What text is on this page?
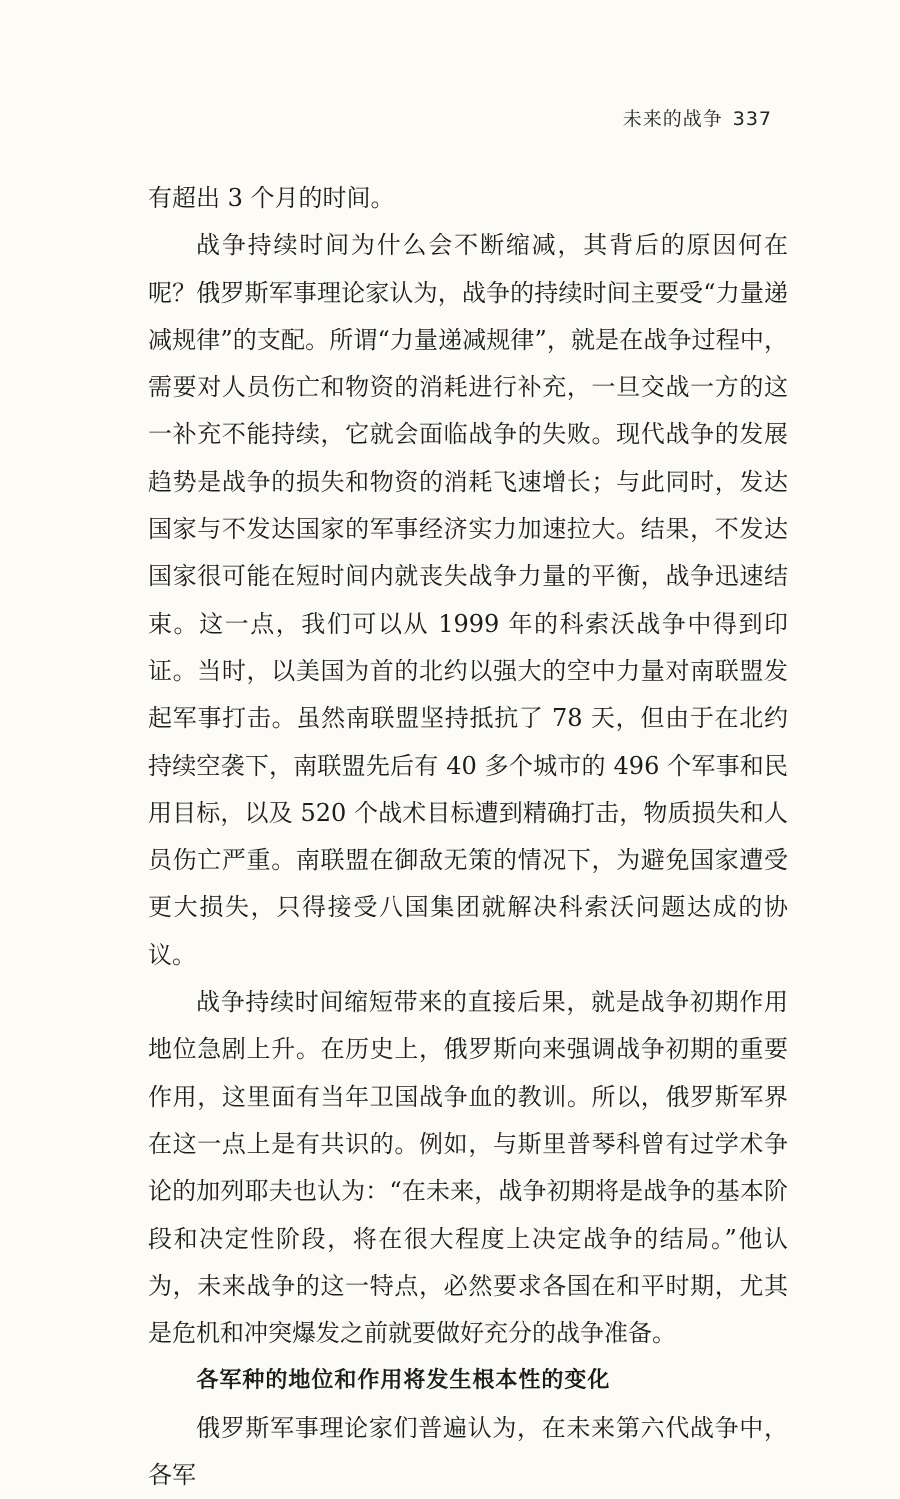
未来的战争 337

有超出 3 个月的时间。

战争持续时间为什么会不断缩减，其背后的原因何在呢？俄罗斯军事理论家认为，战争的持续时间主要受“力量递减规律”的支配。所谓“力量递减规律”，就是在战争过程中，需要对人员伤亡和物资的消耗进行补充，一旦交战一方的这一补充不能持续，它就会面临战争的失败。现代战争的发展趋势是战争的损失和物资的消耗飞速增长；与此同时，发达国家与不发达国家的军事经济实力加速拉大。结果，不发达国家很可能在短时间内就丧失战争力量的平衡，战争迅速结束。这一点，我们可以从 1999 年的科索沃战争中得到印证。当时，以美国为首的北约以强大的空中力量对南联盟发起军事打击。虽然南联盟坚持抵抗了 78 天，但由于在北约持续空袭下，南联盟先后有 40 多个城市的 496 个军事和民用目标，以及 520 个战术目标遭到精确打击，物质损失和人员伤亡严重。南联盟在御敌无策的情况下，为避免国家遭受更大损失，只得接受八国集团就解决科索沃问题达成的协议。

战争持续时间缩短带来的直接后果，就是战争初期作用地位急剧上升。在历史上，俄罗斯向来强调战争初期的重要作用，这里面有当年卫国战争血的教训。所以，俄罗斯军界在这一点上是有共识的。例如，与斯里普琴科曾有过学术争论的加列耶夫也认为：“在未来，战争初期将是战争的基本阶段和决定性阶段，将在很大程度上决定战争的结局。”他认为，未来战争的这一特点，必然要求各国在和平时期，尤其是危机和冲突爆发之前就要做好充分的战争准备。

各军种的地位和作用将发生根本性的变化

俄罗斯军事理论家们普遍认为，在未来第六代战争中，各军
